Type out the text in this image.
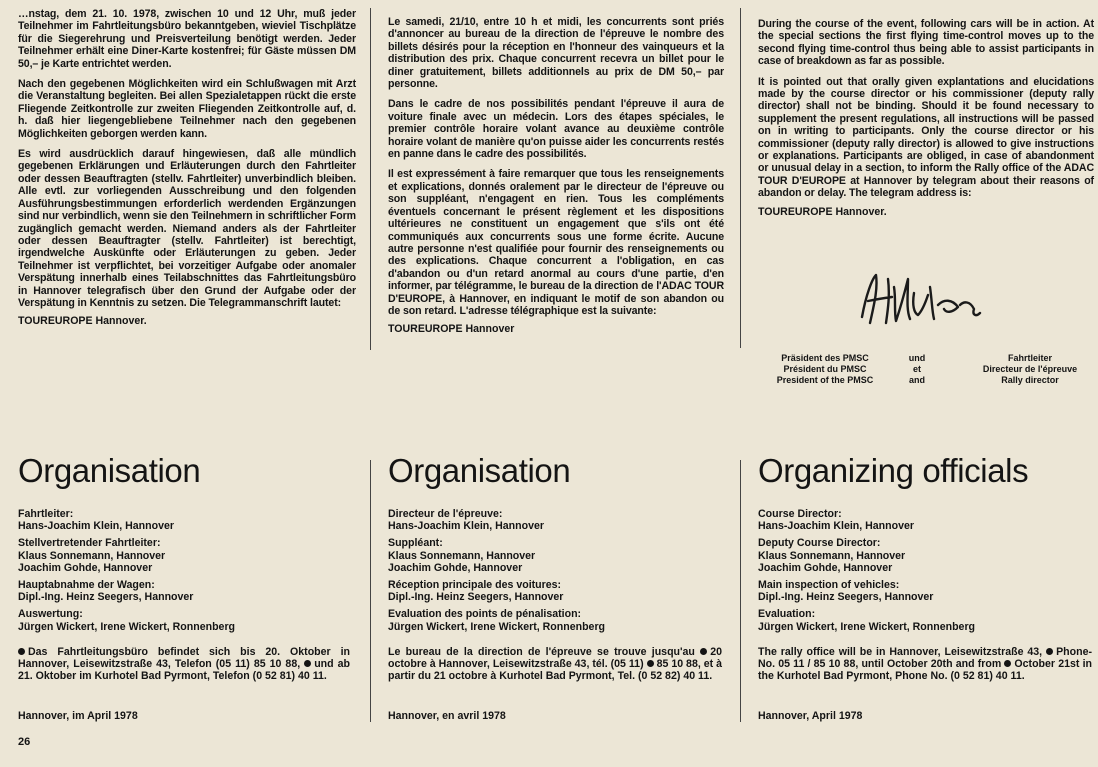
…nstag, dem 21. 10. 1978, zwischen 10 und 12 Uhr, muß jeder Teilnehmer im Fahrtleitungsbüro bekanntgeben, wieviel Tischplätze für die Siegerehrung und Preisverteilung benötigt werden. Jeder Teilnehmer erhält eine Diner-Karte kostenfrei; für Gäste müssen DM 50,– je Karte entrichtet werden.

Nach den gegebenen Möglichkeiten wird ein Schlußwagen mit Arzt die Veranstaltung begleiten. Bei allen Spezialetappen rückt die erste Fliegende Zeitkontrolle zur zweiten Fliegenden Zeitkontrolle auf, d. h. daß hier liegengebliebene Teilnehmer nach den gegebenen Möglichkeiten geborgen werden kann.

Es wird ausdrücklich darauf hingewiesen, daß alle mündlich gegebenen Erklärungen und Erläuterungen durch den Fahrtleiter oder dessen Beauftragten (stellv. Fahrtleiter) unverbindlich bleiben. Alle evtl. zur vorliegenden Ausschreibung und den folgenden Ausführungsbestimmungen erforderlich werdenden Ergänzungen sind nur verbindlich, wenn sie den Teilnehmern in schriftlicher Form zugänglich gemacht werden. Niemand anders als der Fahrtleiter oder dessen Beauftragter (stellv. Fahrtleiter) ist berechtigt, irgendwelche Auskünfte oder Erläuterungen zu geben. Jeder Teilnehmer ist verpflichtet, bei vorzeitiger Aufgabe oder anomaler Verspätung innerhalb eines Teilabschnittes das Fahrtleitungsbüro in Hannover telegrafisch über den Grund der Aufgabe oder der Verspätung in Kenntnis zu setzen. Die Telegrammanschrift lautet:

TOUREUROPE Hannover.

Organisation
Fahrtleiter:
Hans-Joachim Klein, Hannover
Stellvertretender Fahrtleiter:
Klaus Sonnemann, Hannover
Joachim Gohde, Hannover
Hauptabnahme der Wagen:
Dipl.-Ing. Heinz Seegers, Hannover
Auswertung:
Jürgen Wickert, Irene Wickert, Ronnenberg
Das Fahrtleitungsbüro befindet sich bis 20. Oktober in Hannover, Leisewitzstraße 43, Telefon (05 11) 85 10 88, und ab 21. Oktober im Kurhotel Bad Pyrmont, Telefon (0 52 81) 40 11.
Hannover, im April 1978

Le samedi, 21/10, entre 10 h et midi, les concurrents sont priés d'annoncer au bureau de la direction de l'épreuve le nombre des billets désirés pour la réception en l'honneur des vainqueurs et la distribution des prix. Chaque concurrent recevra un billet pour le diner gratuitement, billets additionnels au prix de DM 50,– par personne.

Dans le cadre de nos possibilités pendant l'épreuve il aura de voiture finale avec un médecin. Lors des étapes spéciales, le premier contrôle horaire volant avance au deuxième contrôle horaire volant de manière qu'on puisse aider les concurrents restés en panne dans le cadre des possibilités.

Il est expressément à faire remarquer que tous les renseignements et explications, donnés oralement par le directeur de l'épreuve ou son suppléant, n'engagent en rien. Tous les compléments éventuels concernant le présent règlement et les dispositions ultérieures ne constituent un engagement que s'ils ont été communiqués aux concurrents sous une forme écrite. Aucune autre personne n'est qualifiée pour fournir des renseignements ou des explications. Chaque concurrent a l'obligation, en cas d'abandon ou d'un retard anormal au cours d'une partie, d'en informer, par télégramme, le bureau de la direction de l'ADAC TOUR D'EUROPE, à Hannover, en indiquant le motif de son abandon ou de son retard. L'adresse télégraphique est la suivante:

TOUREUROPE Hannover

Organisation
Directeur de l'épreuve:
Hans-Joachim Klein, Hannover
Suppléant:
Klaus Sonnemann, Hannover
Joachim Gohde, Hannover
Réception principale des voitures:
Dipl.-Ing. Heinz Seegers, Hannover
Evaluation des points de pénalisation:
Jürgen Wickert, Irene Wickert, Ronnenberg
Le bureau de la direction de l'épreuve se trouve jusqu'au 20 octobre à Hannover, Leisewitzstraße 43, tél. (05 11) 85 10 88, et à partir du 21 octobre à Kurhotel Bad Pyrmont, Tel. (0 52 82) 40 11.
Hannover, en avril 1978

During the course of the event, following cars will be in action. At the special sections the first flying time-control moves up to the second flying time-control thus being able to assist participants in case of breakdown as far as possible.

It is pointed out that orally given explantations and elucidations made by the course director or his commissioner (deputy rally director) shall not be binding. Should it be found necessary to supplement the present regulations, all instructions will be passed on in writing to participants. Only the course director or his commissioner (deputy rally director) is allowed to give instructions or explanations. Participants are obliged, in case of abandonment or unusual delay in a section, to inform the Rally office of the ADAC TOUR D'EUROPE at Hannover by telegram about their reasons of abandon or delay. The telegram address is:

TOUREUROPE Hannover.

Organizing officials
Course Director:
Hans-Joachim Klein, Hannover
Deputy Course Director:
Klaus Sonnemann, Hannover
Joachim Gohde, Hannover
Main inspection of vehicles:
Dipl.-Ing. Heinz Seegers, Hannover
Evaluation:
Jürgen Wickert, Irene Wickert, Ronnenberg
The rally office will be in Hannover, Leisewitzstraße 43, Phone-No. 05 11 / 85 10 88, until October 20th and from October 21st in the Kurhotel Bad Pyrmont, Phone No. (0 52 81) 40 11.
Hannover, April 1978
Präsident des PMSC
Président du PMSC
President of the PMSC
und
et
and
Fahrtleiter
Directeur de l'épreuve
Rally director
26
